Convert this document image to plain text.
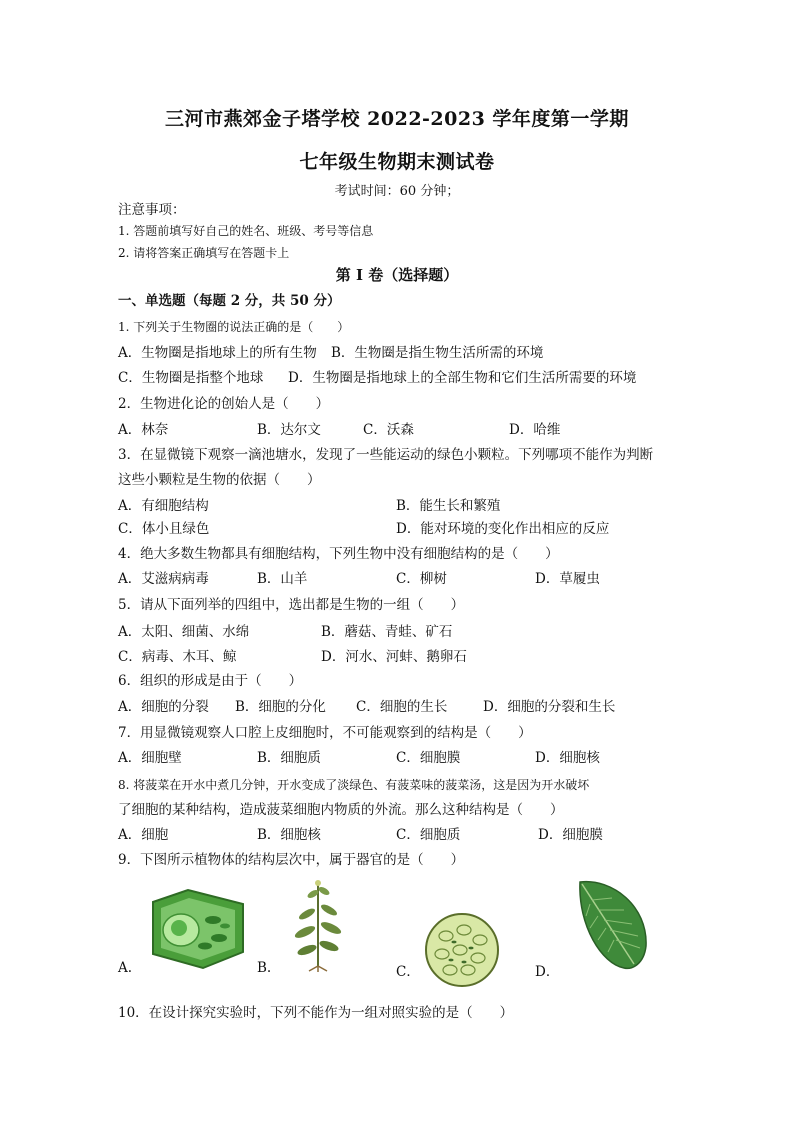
三河市燕郊金子塔学校 2022-2023 学年度第一学期
七年级生物期末测试卷
考试时间：60 分钟；
注意事项：
1. 答题前填写好自己的姓名、班级、考号等信息
2. 请将答案正确填写在答题卡上
第 I 卷（选择题）
一、单选题（每题 2 分，共 50 分）
1. 下列关于生物圈的说法正确的是（　　）
A．生物圈是指地球上的所有生物 B．生物圈是指生物生活所需的环境
C．生物圈是指整个地球 D．生物圈是指地球上的全部生物和它们生活所需要的环境
2．生物进化论的创始人是（　　）
A．林奈	B．达尔文	C．沃森	D．哈维
3．在显微镜下观察一滴池塘水，发现了一些能运动的绿色小颗粒。下列哪项不能作为判断
这些小颗粒是生物的依据（　　）
A．有细胞结构	B．能生长和繁殖
C．体小且绿色	D．能对环境的变化作出相应的反应
4．绝大多数生物都具有细胞结构，下列生物中没有细胞结构的是（　　）
A．艾滋病病毒	B．山羊	C．柳树	D．草履虫
5．请从下面列举的四组中，选出都是生物的一组（　　）
A．太阳、细菌、水绵	B．蘑菇、青蛙、矿石
C．病毒、木耳、鲸	D．河水、河蚌、鹅卵石
6．组织的形成是由于（　　）
A．细胞的分裂 B．细胞的分化 C．细胞的生长	D．细胞的分裂和生长
7．用显微镜观察人口腔上皮细胞时，不可能观察到的结构是（　　）
A．细胞壁	B．细胞质	C．细胞膜	D．细胞核
8. 将菠菜在开水中煮几分钟，开水变成了淡绿色、有菠菜味的菠菜汤，这是因为开水破坏
了细胞的某种结构，造成菠菜细胞内物质的外流。那么这种结构是（　　）
A．细胞	B．细胞核	C．细胞质	D．细胞膜
9．下图所示植物体的结构层次中，属于器官的是（　　）
A.	B.	C．	D．
10．在设计探究实验时，下列不能作为一组对照实验的是（　　）
